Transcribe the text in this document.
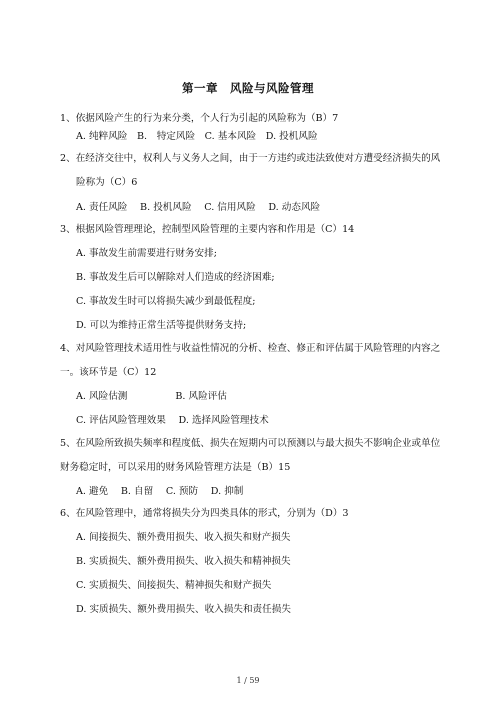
第一章　风险与风险管理
1、依据风险产生的行为来分类，个人行为引起的风险称为（B）7
A. 纯粹风险　B.　特定风险　C. 基本风险　D. 投机风险
2、在经济交往中，权利人与义务人之间，由于一方违约或违法致使对方遭受经济损失的风
险称为（C）6
A. 责任风险　 B. 投机风险　 C. 信用风险　 D. 动态风险
3、根据风险管理理论，控制型风险管理的主要内容和作用是（C）14
A. 事故发生前需要进行财务安排;
B. 事故发生后可以解除对人们造成的经济困难;
C. 事故发生时可以将损失减少到最低程度;
D. 可以为维持正常生活等提供财务支持;
4、对风险管理技术适用性与收益性情况的分析、检查、修正和评估属于风险管理的内容之
一。该环节是（C）12
A. 风险估测　　　　　B. 风险评估
C. 评估风险管理效果　 D. 选择风险管理技术
5、在风险所致损失频率和程度低、损失在短期内可以预测以与最大损失不影响企业或单位
财务稳定时，可以采用的财务风险管理方法是（B）15
A. 避免　 B. 自留　 C. 预防　 D. 抑制
6、在风险管理中，通常将损失分为四类具体的形式，分别为（D）3
A. 间接损失、额外费用损失、收入损失和财产损失
B. 实质损失、额外费用损失、收入损失和精神损失
C. 实质损失、间接损失、精神损失和财产损失
D. 实质损失、额外费用损失、收入损失和责任损失
1 / 59
